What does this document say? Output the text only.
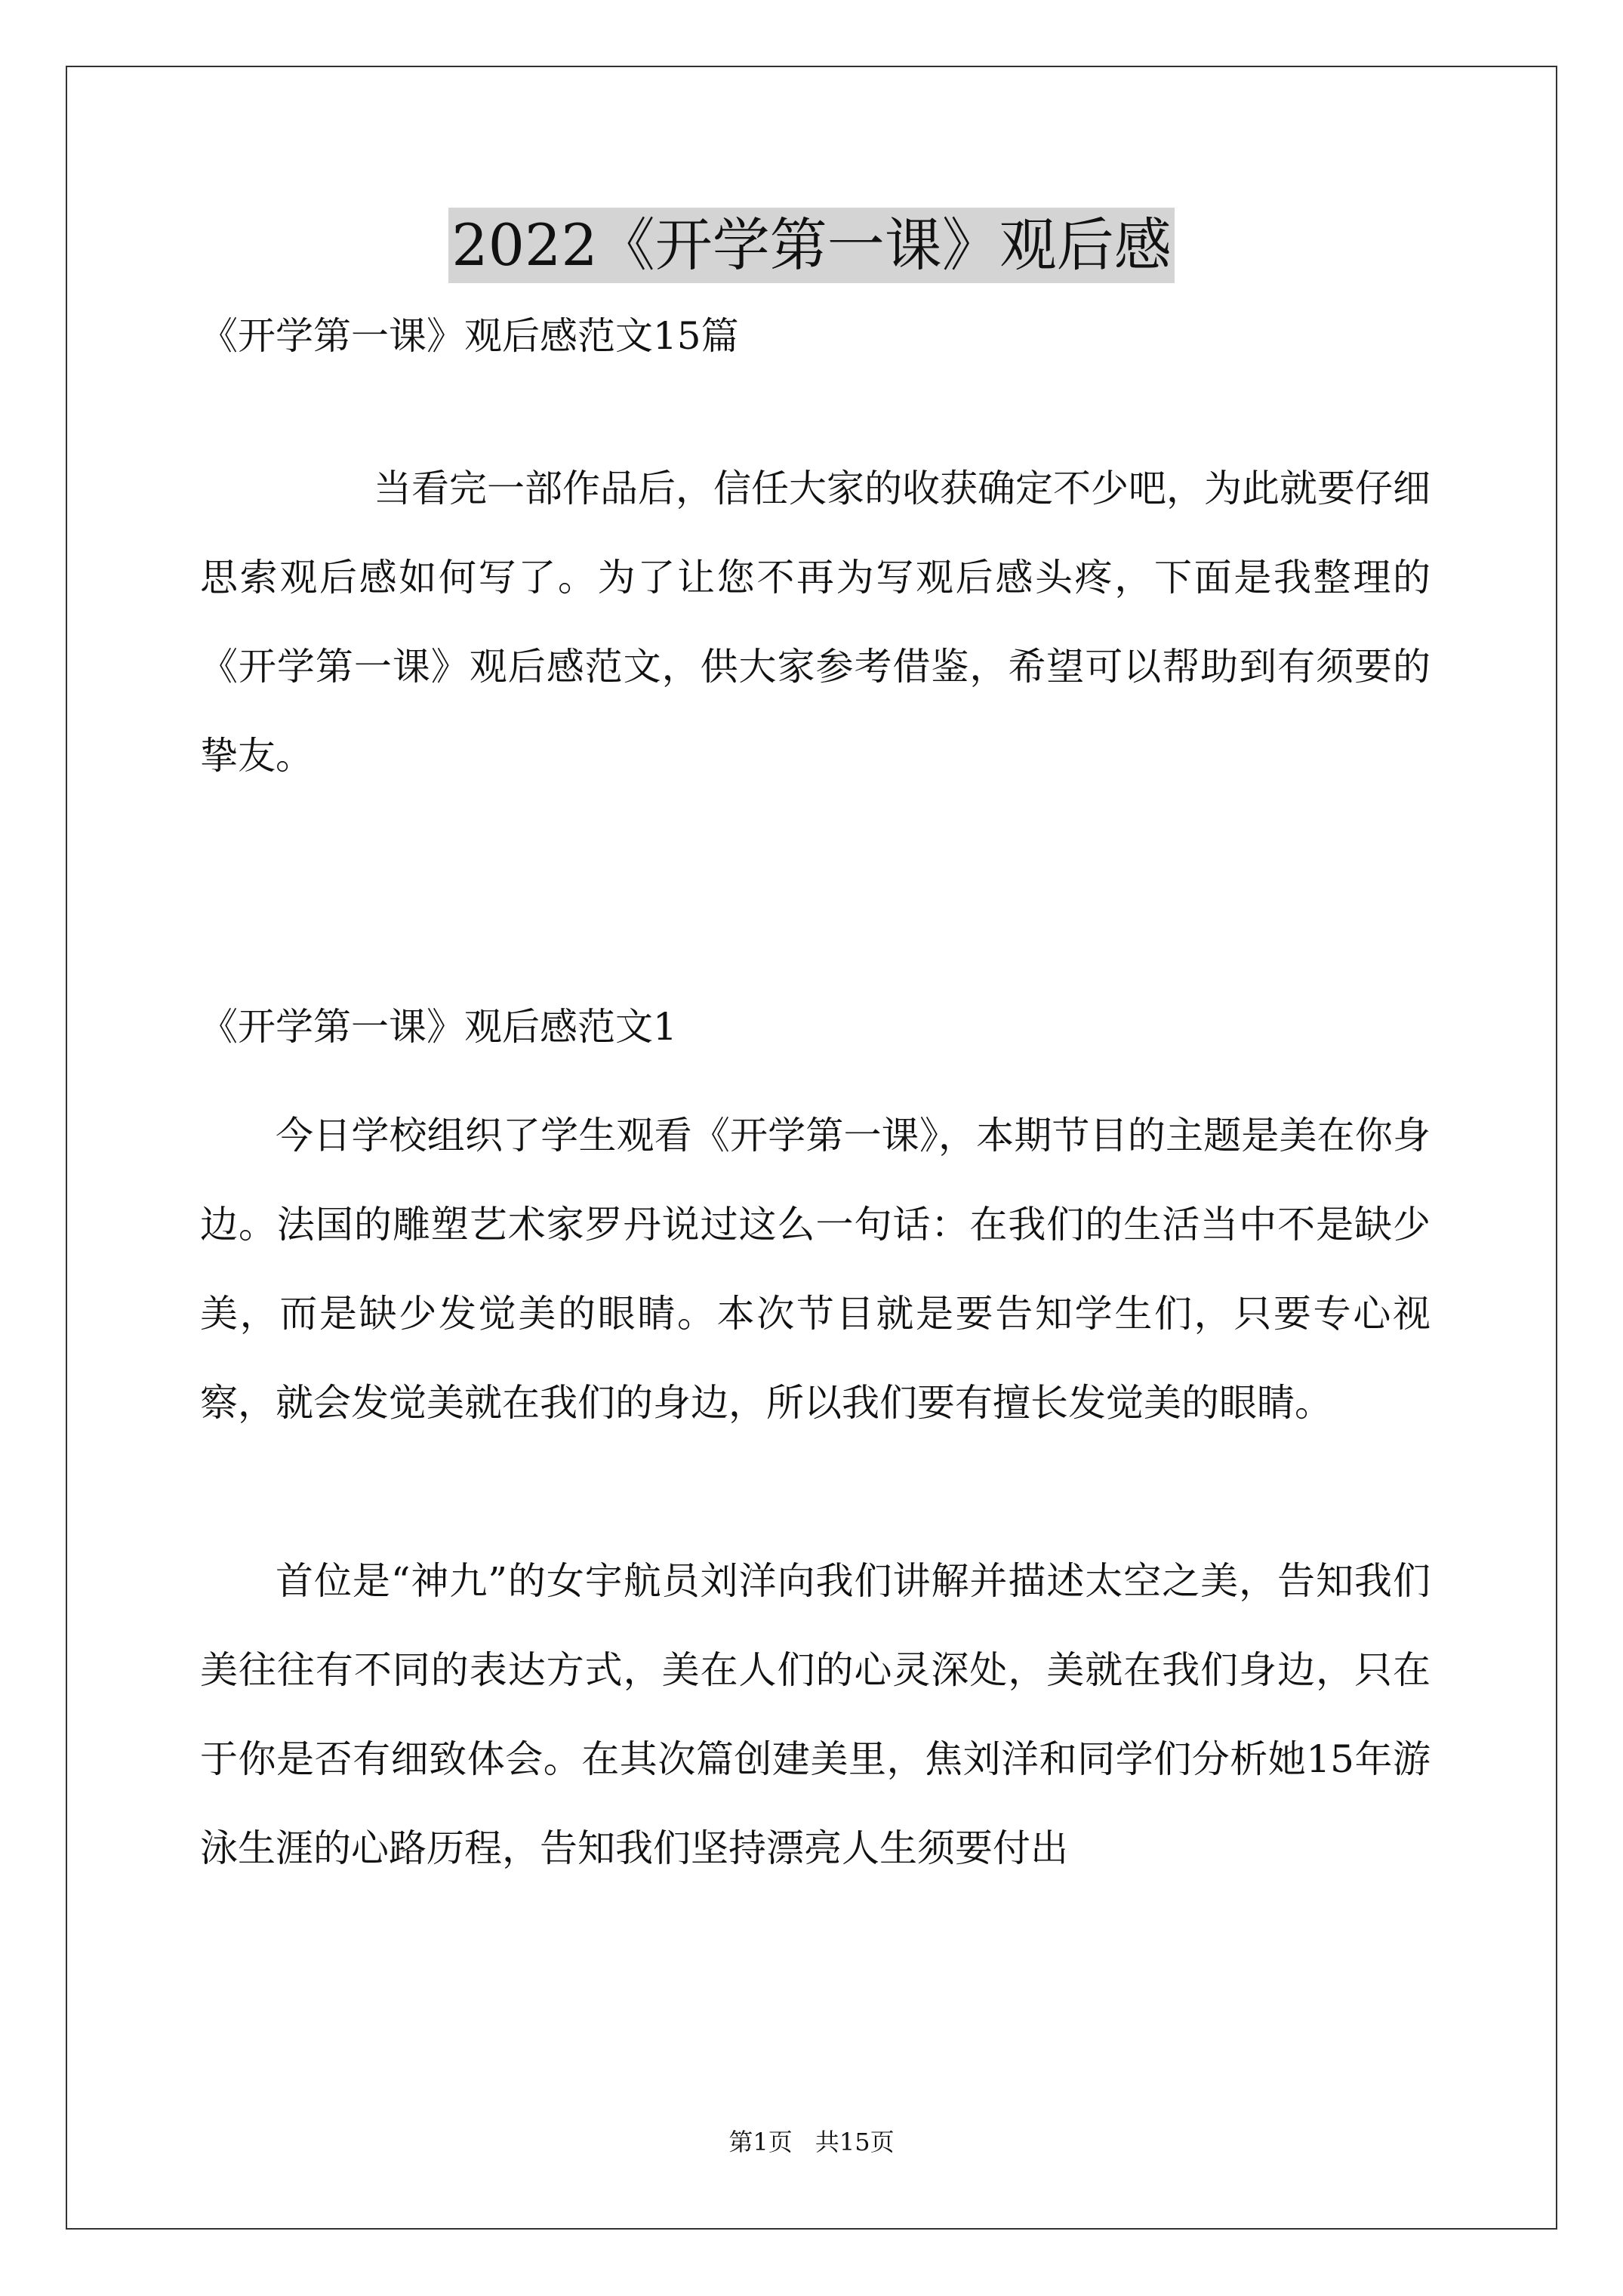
2022《开学第一课》观后感
《开学第一课》观后感范文15篇

当看完一部作品后，信任大家的收获确定不少吧，为此就要仔细思索观后感如何写了。为了让您不再为写观后感头疼，下面是我整理的《开学第一课》观后感范文，供大家参考借鉴，希望可以帮助到有须要的挚友。

《开学第一课》观后感范文1

今日学校组织了学生观看《开学第一课》，本期节目的主题是美在你身边。法国的雕塑艺术家罗丹说过这么一句话：在我们的生活当中不是缺少美，而是缺少发觉美的眼睛。本次节目就是要告知学生们，只要专心视察，就会发觉美就在我们的身边，所以我们要有擅长发觉美的眼睛。

首位是“神九”的女宇航员刘洋向我们讲解并描述太空之美，告知我们美往往有不同的表达方式，美在人们的心灵深处，美就在我们身边，只在于你是否有细致体会。在其次篇创建美里，焦刘洋和同学们分析她15年游泳生涯的心路历程，告知我们坚持漂亮人生须要付出

第1页 共15页
